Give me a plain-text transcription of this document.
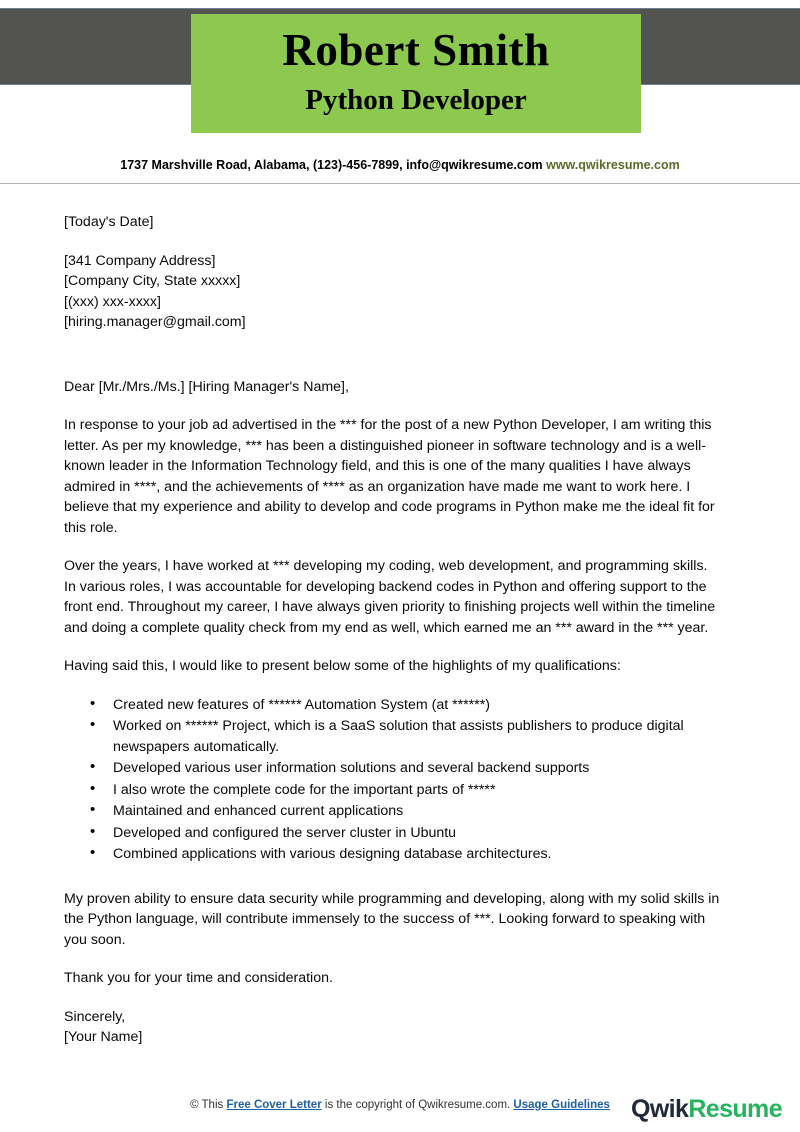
Robert Smith
Python Developer
1737 Marshville Road, Alabama, (123)-456-7899, info@qwikresume.com www.qwikresume.com

[Today's Date]

[341 Company Address]
[Company City, State xxxxx]
[(xxx) xxx-xxxx]
[hiring.manager@gmail.com]

Dear [Mr./Mrs./Ms.] [Hiring Manager's Name],

In response to your job ad advertised in the *** for the post of a new Python Developer, I am writing this letter. As per my knowledge, *** has been a distinguished pioneer in software technology and is a well-known leader in the Information Technology field, and this is one of the many qualities I have always admired in ****, and the achievements of **** as an organization have made me want to work here. I believe that my experience and ability to develop and code programs in Python make me the ideal fit for this role.

Over the years, I have worked at *** developing my coding, web development, and programming skills. In various roles, I was accountable for developing backend codes in Python and offering support to the front end. Throughout my career, I have always given priority to finishing projects well within the timeline and doing a complete quality check from my end as well, which earned me an *** award in the *** year.

Having said this, I would like to present below some of the highlights of my qualifications:

• Created new features of ****** Automation System (at ******)
• Worked on ****** Project, which is a SaaS solution that assists publishers to produce digital newspapers automatically.
• Developed various user information solutions and several backend supports
• I also wrote the complete code for the important parts of *****
• Maintained and enhanced current applications
• Developed and configured the server cluster in Ubuntu
• Combined applications with various designing database architectures.

My proven ability to ensure data security while programming and developing, along with my solid skills in the Python language, will contribute immensely to the success of ***. Looking forward to speaking with you soon.

Thank you for your time and consideration.

Sincerely,
[Your Name]
© This Free Cover Letter is the copyright of Qwikresume.com. Usage Guidelines QwikResume
